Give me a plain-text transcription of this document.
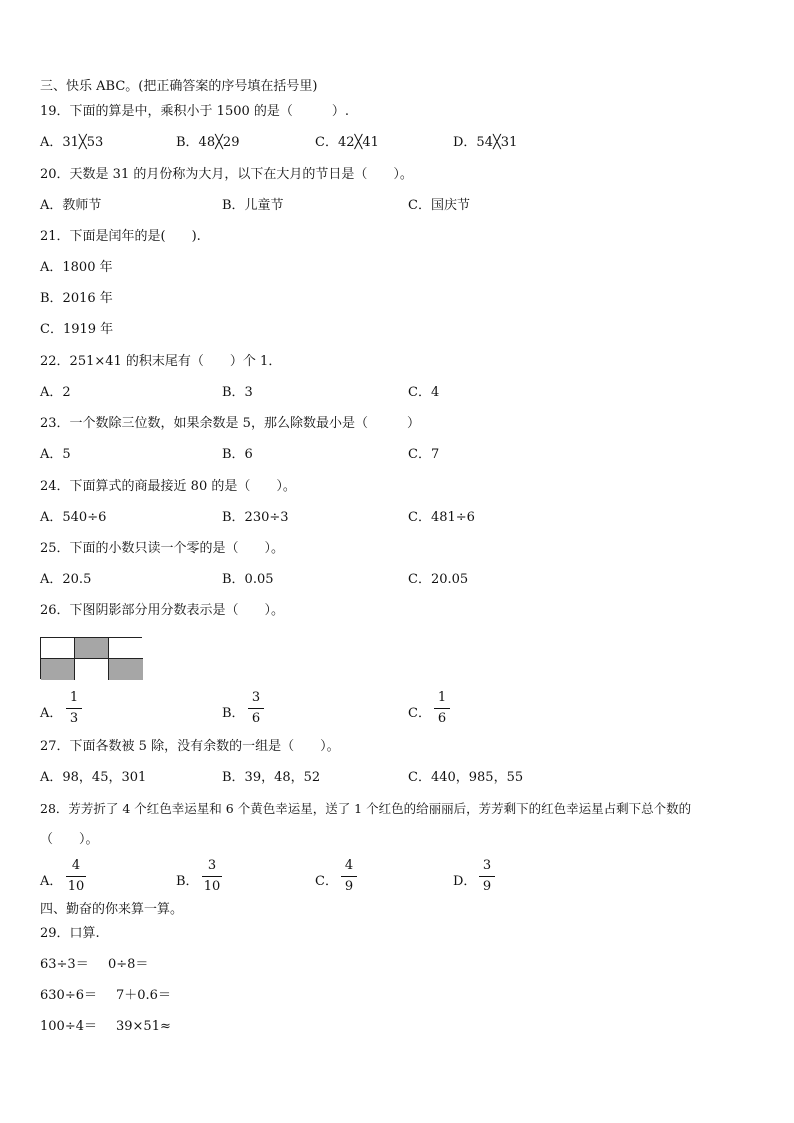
三、快乐 ABC。(把正确答案的序号填在括号里)
19．下面的算是中，乘积小于 1500 的是（　　　）.
A．31╳53	B．48╳29	C．42╳41	D．54╳31
20．天数是 31 的月份称为大月，以下在大月的节日是（　　）。
A．教师节	B．儿童节	C．国庆节
21．下面是闰年的是(　　).
A．1800 年
B．2016 年
C．1919 年
22．251×41 的积末尾有（　　）个 1．
A．2	B．3	C．4
23．一个数除三位数，如果余数是 5，那么除数最小是（　　　）
A．5	B．6	C．7
24．下面算式的商最接近 80 的是（　　）。
A．540÷6	B．230÷3	C．481÷6
25．下面的小数只读一个零的是（　　）。
A．20.5	B．0.05	C．20.05
26．下图阴影部分用分数表示是（　　）。
A．
1
3	B．
3
6	C．
1
6
27．下面各数被 5 除，没有余数的一组是（　　）。
A．98，45，301	B．39，48，52	C．440，985，55
28．芳芳折了 4 个红色幸运星和 6 个黄色幸运星，送了 1 个红色的给丽丽后，芳芳剩下的红色幸运星占剩下总个数的
（　　）。
A．
4
10	B．
3
10	C．
4
9	D．
3
9
四、勤奋的你来算一算。
29．口算.
63÷3＝ 0÷8＝
630÷6＝ 7＋0.6＝
100÷4＝ 39×51≈
